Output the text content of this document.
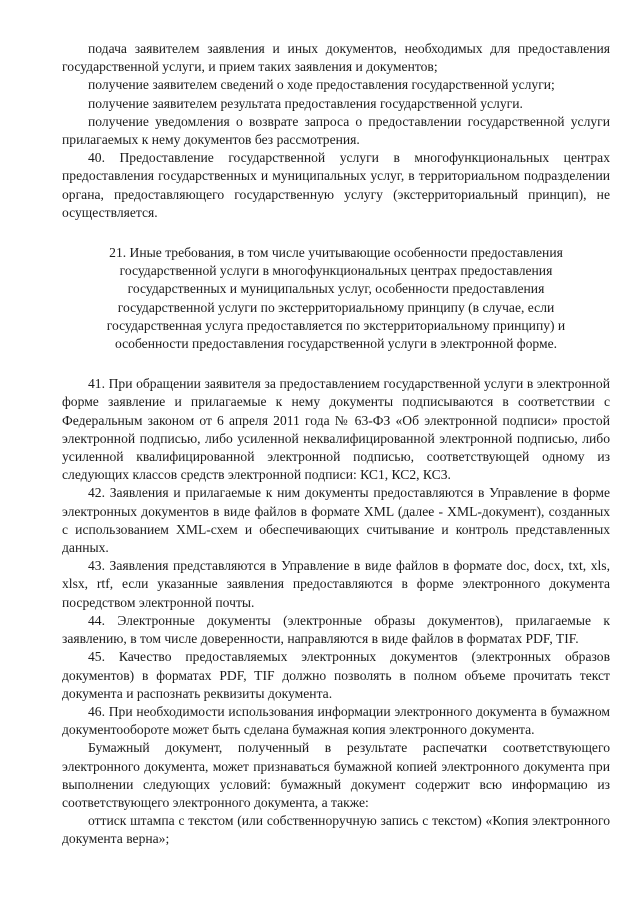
подача заявителем заявления и иных документов, необходимых для предоставления государственной услуги, и прием таких заявления и документов;

получение заявителем сведений о ходе предоставления государственной услуги;

получение заявителем результата предоставления государственной услуги.

получение уведомления о возврате запроса о предоставлении государственной услуги прилагаемых к нему документов без рассмотрения.

40. Предоставление государственной услуги в многофункциональных центрах предоставления государственных и муниципальных услуг, в территориальном подразделении органа, предоставляющего государственную услугу (экстерриториальный принцип), не осуществляется.

21. Иные требования, в том числе учитывающие особенности предоставления государственной услуги в многофункциональных центрах предоставления государственных и муниципальных услуг, особенности предоставления государственной услуги по экстерриториальному принципу (в случае, если государственная услуга предоставляется по экстерриториальному принципу) и особенности предоставления государственной услуги в электронной форме.

41. При обращении заявителя за предоставлением государственной услуги в электронной форме заявление и прилагаемые к нему документы подписываются в соответствии с Федеральным законом от 6 апреля 2011 года № 63-ФЗ «Об электронной подписи» простой электронной подписью, либо усиленной неквалифицированной электронной подписью, либо усиленной квалифицированной электронной подписью, соответствующей одному из следующих классов средств электронной подписи: КС1, КС2, КС3.

42. Заявления и прилагаемые к ним документы предоставляются в Управление в форме электронных документов в виде файлов в формате XML (далее - XML-документ), созданных с использованием XML-схем и обеспечивающих считывание и контроль представленных данных.

43. Заявления представляются в Управление в виде файлов в формате doc, docx, txt, xls, xlsx, rtf, если указанные заявления предоставляются в форме электронного документа посредством электронной почты.

44. Электронные документы (электронные образы документов), прилагаемые к заявлению, в том числе доверенности, направляются в виде файлов в форматах PDF, TIF.

45. Качество предоставляемых электронных документов (электронных образов документов) в форматах PDF, TIF должно позволять в полном объеме прочитать текст документа и распознать реквизиты документа.

46. При необходимости использования информации электронного документа в бумажном документообороте может быть сделана бумажная копия электронного документа.

Бумажный документ, полученный в результате распечатки соответствующего электронного документа, может признаваться бумажной копией электронного документа при выполнении следующих условий: бумажный документ содержит всю информацию из соответствующего электронного документа, а также:

оттиск штампа с текстом (или собственноручную запись с текстом) «Копия электронного документа верна»;
